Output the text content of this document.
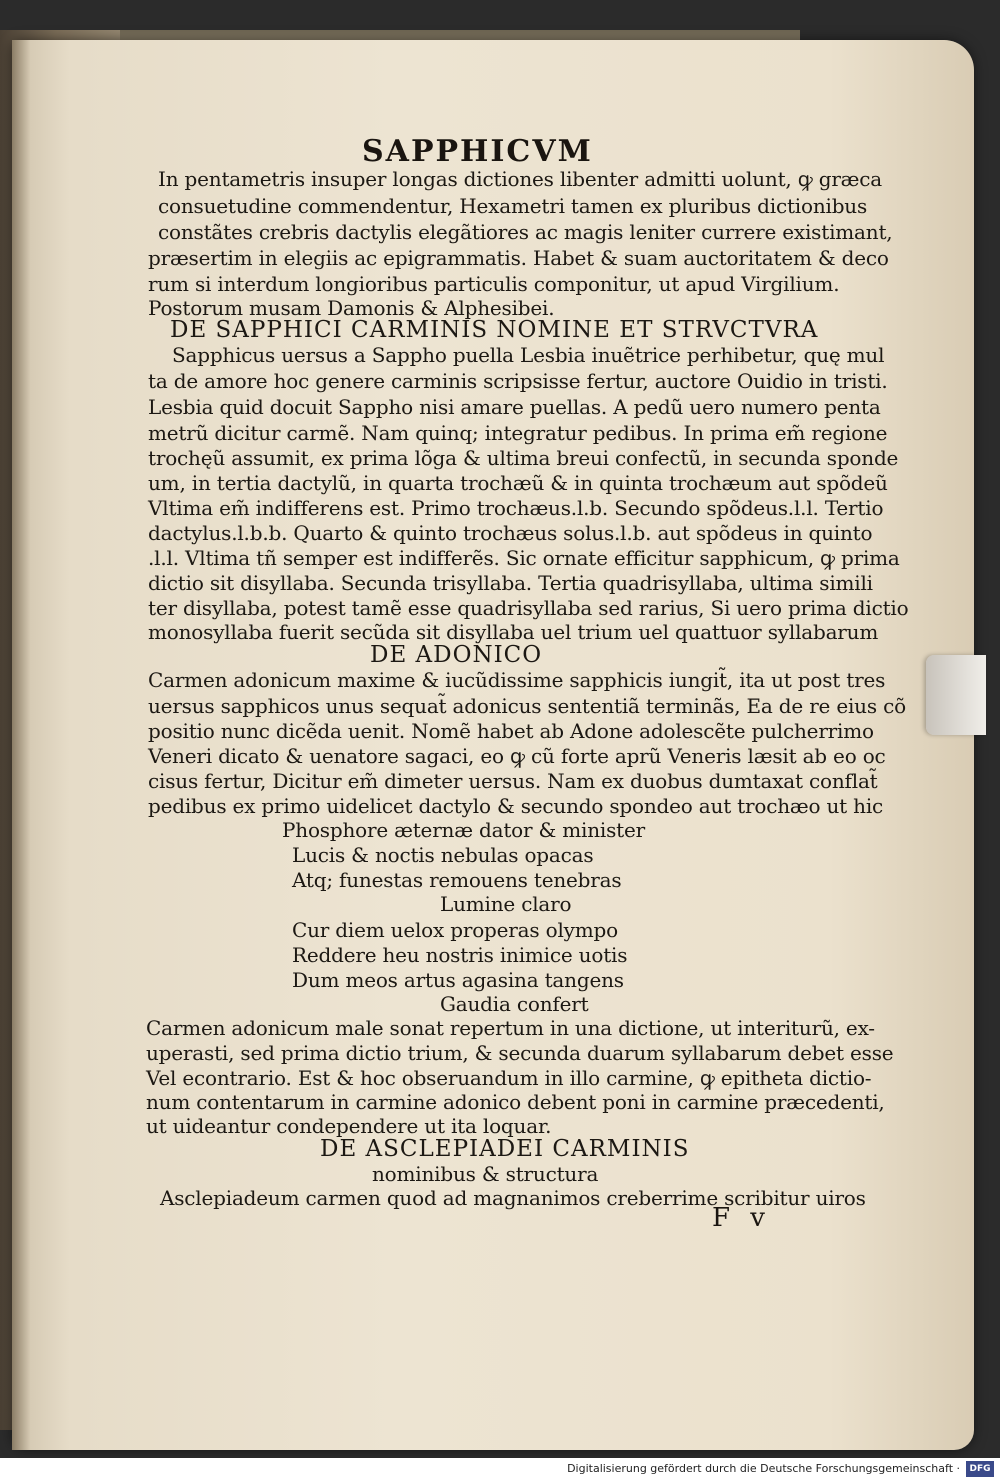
SAPPHICVM
In pentametris insuper longas dictiones libenter admitti uolunt, ꝙ græca
consuetudine commendentur, Hexametri tamen ex pluribus dictionibus
constãtes crebris dactylis elegãtiores ac magis leniter currere existimant,
præsertim in elegiis ac epigrammatis. Habet & suam auctoritatem & deco
rum si interdum longioribus particulis componitur, ut apud Virgilium.
Postorum musam Damonis & Alphesibei.
DE SAPPHICI CARMINIS NOMINE ET STRVCTVRA
Sapphicus uersus a Sappho puella Lesbia inuẽtrice perhibetur, quę mul
ta de amore hoc genere carminis scripsisse fertur, auctore Ouidio in tristi.
Lesbia quid docuit Sappho nisi amare puellas. A pedũ uero numero penta
metrũ dicitur carmẽ. Nam quinq; integratur pedibus. In prima em̃ regione
trochęũ assumit, ex prima lõga & ultima breui confectũ, in secunda sponde
um, in tertia dactylũ, in quarta trochæũ & in quinta trochæum aut spõdeũ
Vltima em̃ indifferens est. Primo trochæus.l.b. Secundo spõdeus.l.l. Tertio
dactylus.l.b.b. Quarto & quinto trochæus solus.l.b. aut spõdeus in quinto
.l.l. Vltima tñ semper est indifferẽs. Sic ornate efficitur sapphicum, ꝙ prima
dictio sit disyllaba. Secunda trisyllaba. Tertia quadrisyllaba, ultima simili
ter disyllaba, potest tamẽ esse quadrisyllaba sed rarius, Si uero prima dictio
monosyllaba fuerit secũda sit disyllaba uel trium uel quattuor syllabarum
DE ADONICO
Carmen adonicum maxime & iucũdissime sapphicis iungit̃, ita ut post tres
uersus sapphicos unus sequat̃ adonicus sententiã terminãs, Ea de re eius cõ
positio nunc dicẽda uenit. Nomẽ habet ab Adone adolescẽte pulcherrimo
Veneri dicato & uenatore sagaci, eo ꝙ cũ forte aprũ Veneris læsit ab eo oc
cisus fertur, Dicitur em̃ dimeter uersus. Nam ex duobus dumtaxat conflat̃
pedibus ex primo uidelicet dactylo & secundo spondeo aut trochæo ut hic
Phosphore æternæ dator & minister
Lucis & noctis nebulas opacas
Atq; funestas remouens tenebras
Lumine claro
Cur diem uelox properas olympo
Reddere heu nostris inimice uotis
Dum meos artus agasina tangens
Gaudia confert
Carmen adonicum male sonat repertum in una dictione, ut interiturũ, ex-
uperasti, sed prima dictio trium, & secunda duarum syllabarum debet esse
Vel econtrario. Est & hoc obseruandum in illo carmine, ꝙ epitheta dictio-
num contentarum in carmine adonico debent poni in carmine præcedenti,
ut uideantur condependere ut ita loquar.
DE ASCLEPIADEI CARMINIS
nominibus & structura
Asclepiadeum carmen quod ad magnanimos creberrime scribitur uiros
F v
Digitalisierung gefördert durch die Deutsche Forschungsgemeinschaft ·	DFG
